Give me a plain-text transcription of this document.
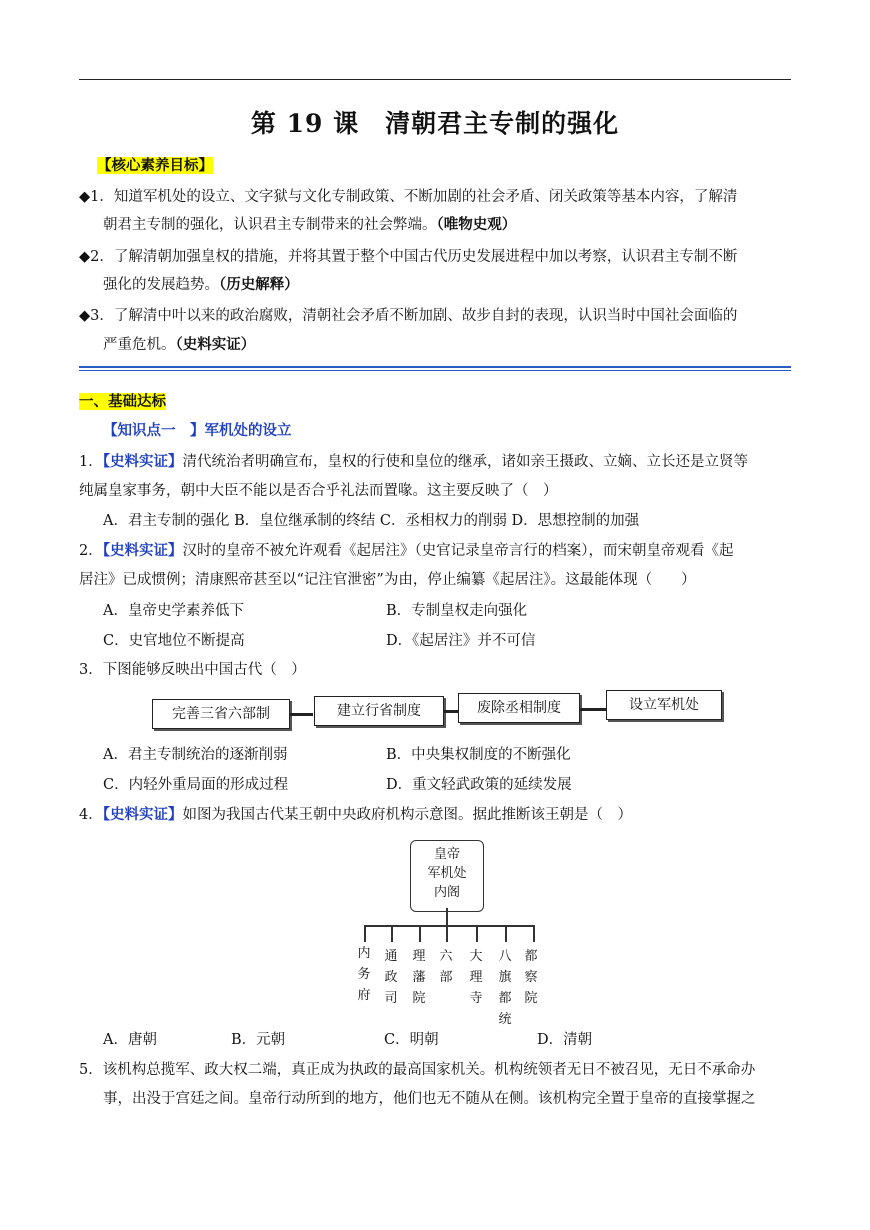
第 19 课　清朝君主专制的强化
【核心素养目标】
◆1．知道军机处的设立、文字狱与文化专制政策、不断加剧的社会矛盾、闭关政策等基本内容，了解清
朝君主专制的强化，认识君主专制带来的社会弊端。（唯物史观）
◆2．了解清朝加强皇权的措施，并将其置于整个中国古代历史发展进程中加以考察，认识君主专制不断
强化的发展趋势。（历史解释）
◆3．了解清中叶以来的政治腐败，清朝社会矛盾不断加剧、故步自封的表现，认识当时中国社会面临的
严重危机。（史料实证）
一、基础达标
【知识点一　】军机处的设立
1．【史料实证】清代统治者明确宣布，皇权的行使和皇位的继承，诸如亲王摄政、立嫡、立长还是立贤等
纯属皇家事务，朝中大臣不能以是否合乎礼法而置喙。这主要反映了（　）
A．君主专制的强化 B．皇位继承制的终结 C．丞相权力的削弱 D．思想控制的加强
2．【史料实证】汉时的皇帝不被允许观看《起居注》（史官记录皇帝言行的档案），而宋朝皇帝观看《起
居注》已成惯例；清康熙帝甚至以“记注官泄密”为由，停止编纂《起居注》。这最能体现（　　）
A．皇帝史学素养低下	B．专制皇权走向强化
C．史官地位不断提高	D．《起居注》并不可信
3．下图能够反映出中国古代（　）
完善三省六部制	建立行省制度	废除丞相制度	设立军机处
A．君主专制统治的逐渐削弱	B．中央集权制度的不断强化
C．内轻外重局面的形成过程	D．重文轻武政策的延续发展
4．【史料实证】如图为我国古代某王朝中央政府机构示意图。据此推断该王朝是（　）
皇帝
军机处
内阁
内
务
府
通
政
司
理
藩
院
六
部
大
理
寺
八
旗
都
统
都
察
院
A．唐朝	B．元朝	C．明朝	D．清朝
5．该机构总揽军、政大权二端，真正成为执政的最高国家机关。机构统领者无日不被召见，无日不承命办
事，出没于宫廷之间。皇帝行动所到的地方，他们也无不随从在侧。该机构完全置于皇帝的直接掌握之
